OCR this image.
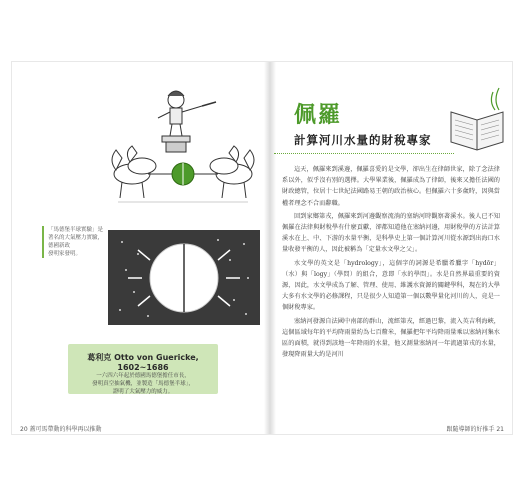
「馬德堡半球實驗」是著名的大氣壓力實驗，德國新政
發明家發明。
葛利克 Otto von Guericke, 1602~1686
一六四六年起於德國馬德堡擔任市長，
發明真空抽氣機，並製造「馬德堡半球」，
證明了大氣壓力的威力。
20 蓋可馬帶動的科學再以推動
佩羅
計算河川水量的財稅專家

這天，佩羅來到溪邊，佩羅喜愛的是文學，卻出生在律師世家，除了念法律系以外，似乎沒有別的選擇。大學畢業後，佩羅成為了律師，後來又擔任法國的財政總管，位居十七世紀法國路易王朝的政治核心。但佩羅六十多歲時，因與當權者理念不合而辭職。

回到家鄉第戎，佩羅來到河邊觀察流淌的塞納河時觀察著溪水。後人已不知佩羅在法律與財稅學有什麼貢獻，卻都知道他在塞納河邊，用財稅學的方法計算溪水在上、中、下游的水量平衡，是科學史上第一個計算河川從水源到出海口水量收發平衡的人，因此被稱為「定量水文學之父」。

水文學的英文是「hydrology」，這個字的詞源是希臘希臘字「hydōr」（水）與「logy」（學問）的組合，意即「水的學問」。水是自然界最重要的資源，因此，水文學成為了解、管理、使用、維護水資源的關鍵學科，現在的大學大多有水文學的必修課程，只是很少人知道第一個以數學量化河川的人，竟是一個財稅專家。

塞納河發源自法國中南部的群山，流經第戎，經過巴黎，流入英吉利海峽，這個區域每年的平均降雨量約為七百釐米，佩羅把年平均降雨量乘以塞納河集水區的面積，就得到該地一年降雨的水量，他又測量塞納河一年流過第戎的水量，發現降雨量大約是河川

跟隨導師的好推手 21
